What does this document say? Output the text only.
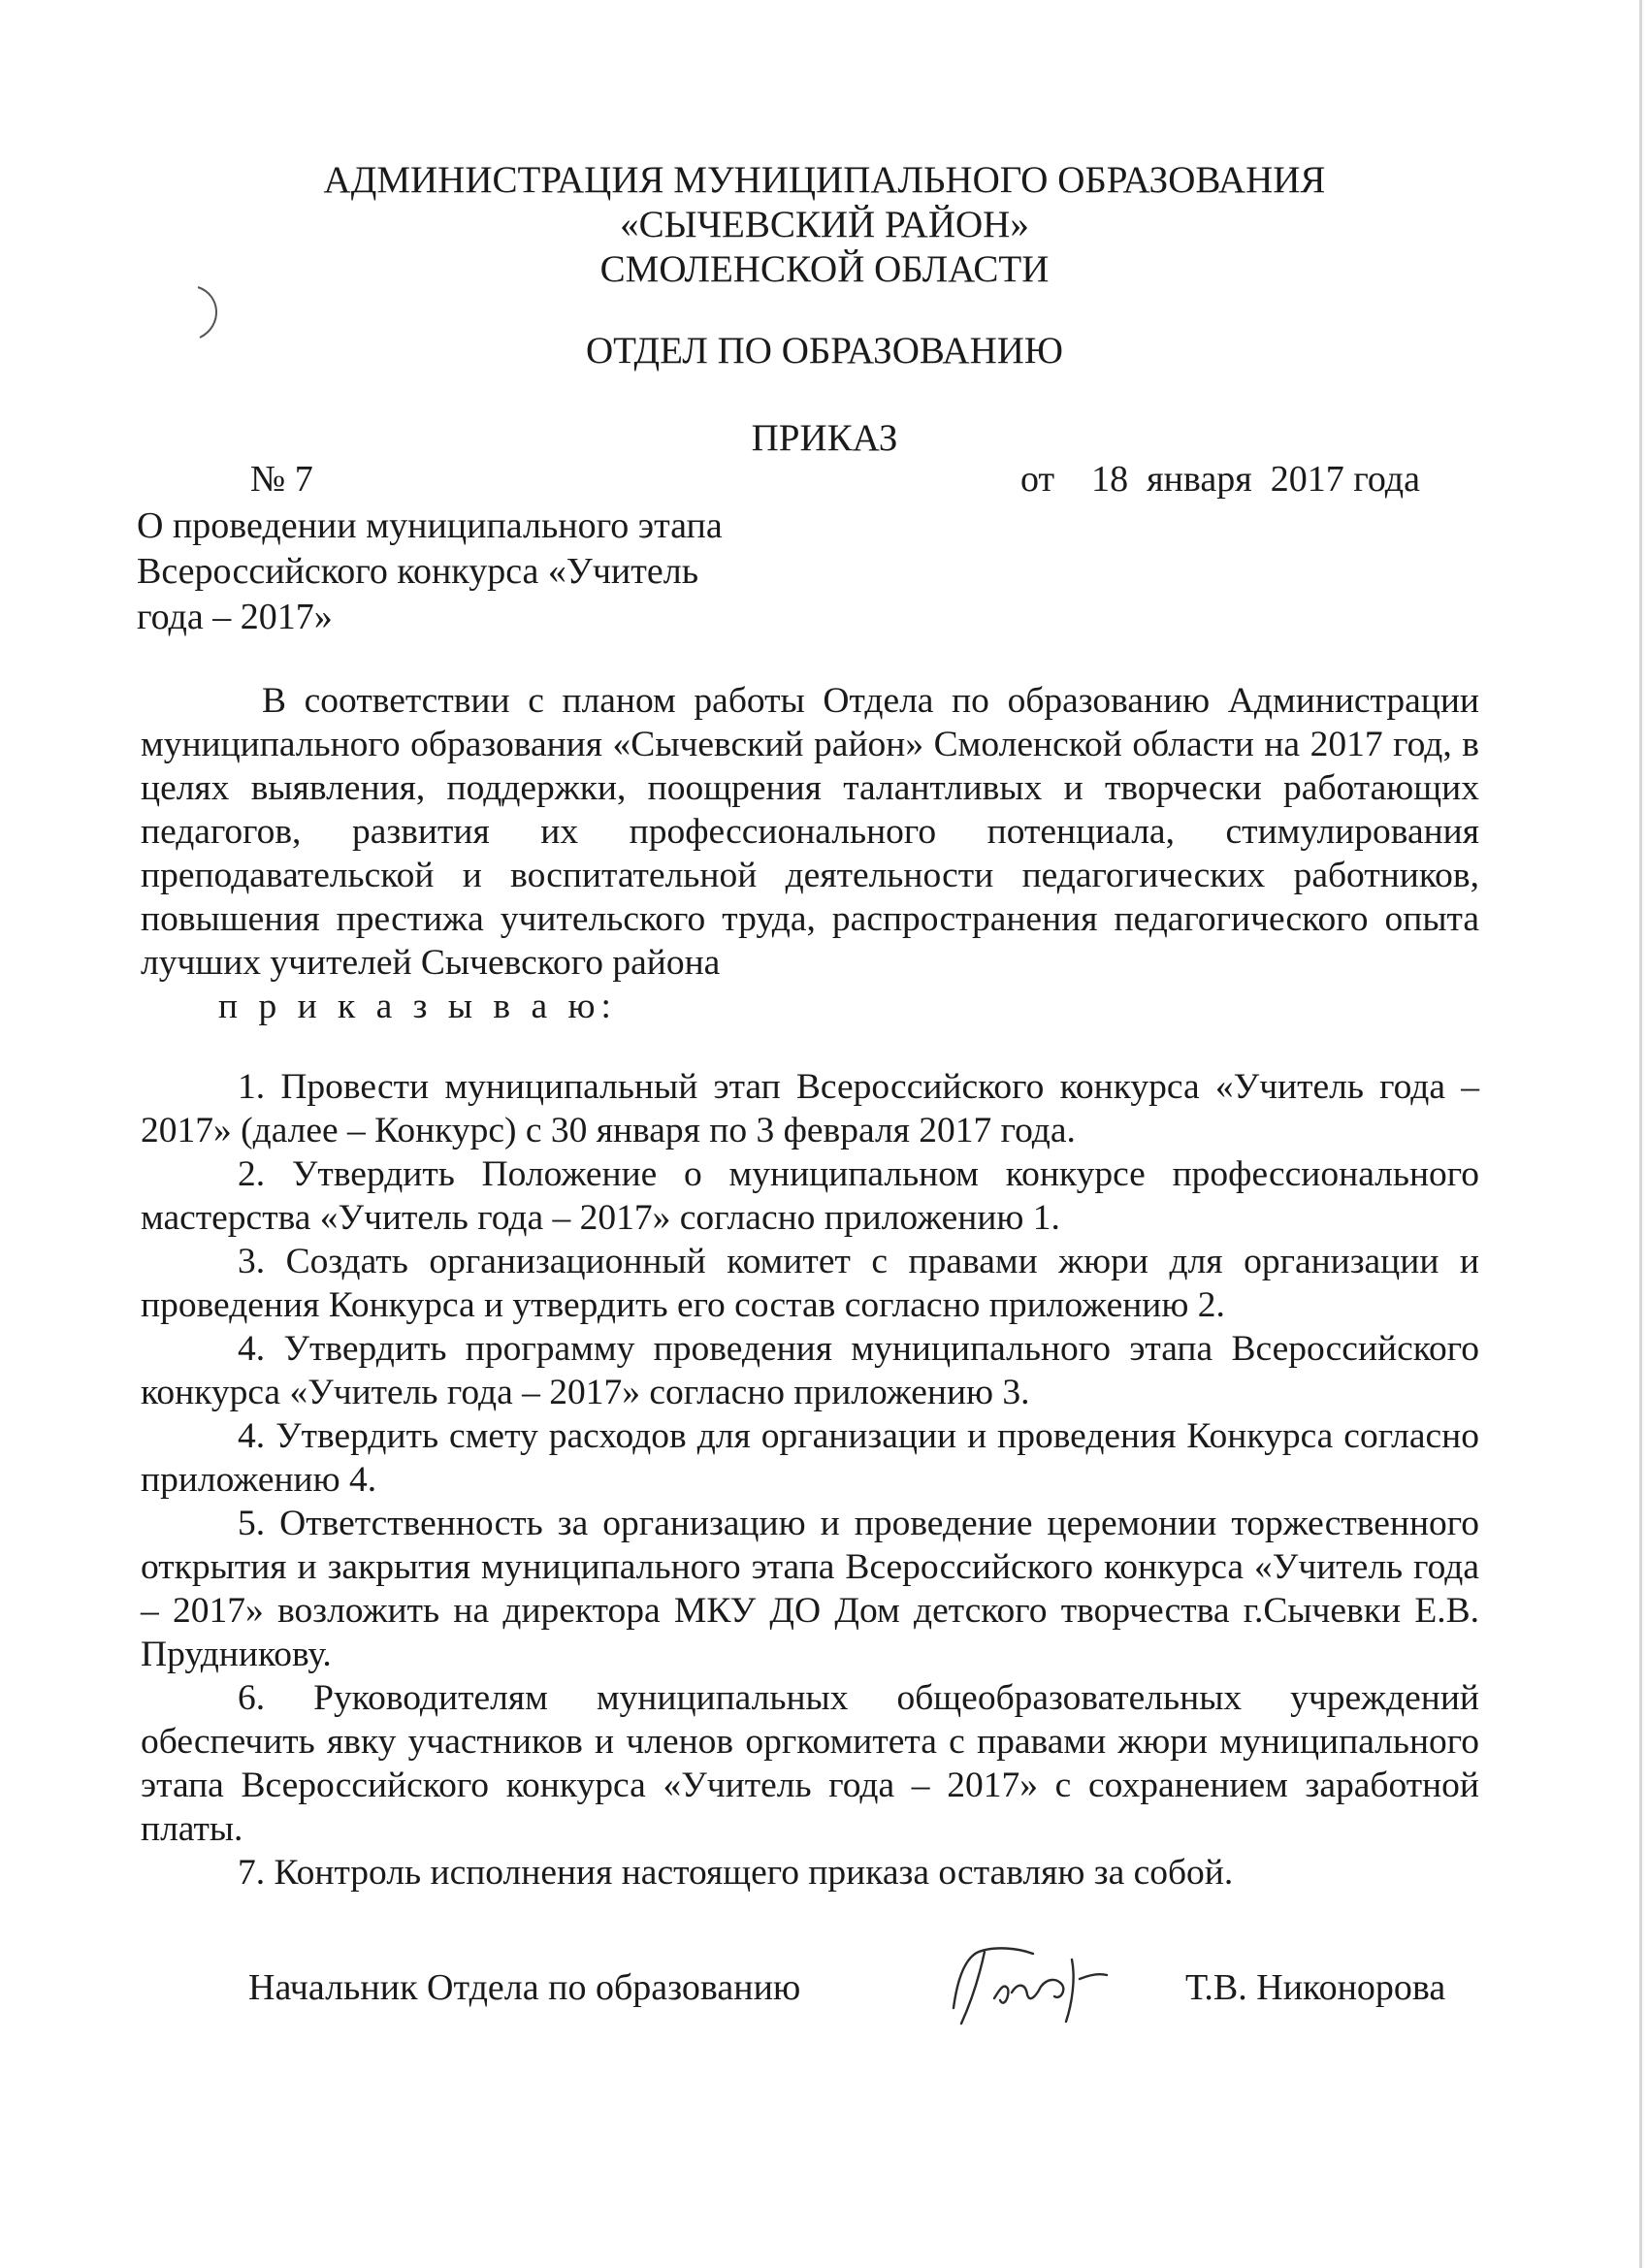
АДМИНИСТРАЦИЯ МУНИЦИПАЛЬНОГО ОБРАЗОВАНИЯ
«СЫЧЕВСКИЙ РАЙОН»
СМОЛЕНСКОЙ ОБЛАСТИ
ОТДЕЛ ПО ОБРАЗОВАНИЮ
ПРИКАЗ
№ 7	от    18  января  2017 года
О проведении муниципального этапа
Всероссийского конкурса «Учитель
года – 2017»

В соответствии с планом работы Отдела по образованию Администрации муниципального образования «Сычевский район» Смоленской области на 2017 год, в целях выявления, поддержки, поощрения талантливых и творчески работающих педагогов, развития их профессионального потенциала, стимулирования преподавательской и воспитательной деятельности педагогических работников, повышения престижа учительского труда, распространения педагогического опыта лучших учителей Сычевского района

п р и к а з ы в а ю:

1. Провести муниципальный этап Всероссийского конкурса «Учитель года – 2017» (далее – Конкурс) с 30 января по 3 февраля 2017 года.

2. Утвердить Положение о муниципальном конкурсе профессионального мастерства «Учитель года – 2017» согласно приложению 1.

3. Создать организационный комитет с правами жюри для организации и проведения Конкурса и утвердить его состав согласно приложению 2.

4. Утвердить программу проведения муниципального этапа Всероссийского конкурса «Учитель года – 2017» согласно приложению 3.

4. Утвердить смету расходов для организации и проведения Конкурса согласно приложению 4.

5. Ответственность за организацию и проведение церемонии торжественного открытия и закрытия муниципального этапа Всероссийского конкурса «Учитель года – 2017» возложить на директора МКУ ДО Дом детского творчества г.Сычевки Е.В. Прудникову.

6. Руководителям муниципальных общеобразовательных учреждений обеспечить явку участников и членов оргкомитета с правами жюри муниципального этапа Всероссийского конкурса «Учитель года – 2017» с сохранением заработной платы.

7. Контроль исполнения настоящего приказа оставляю за собой.

Начальник Отдела по образованию	Т.В. Никонорова
